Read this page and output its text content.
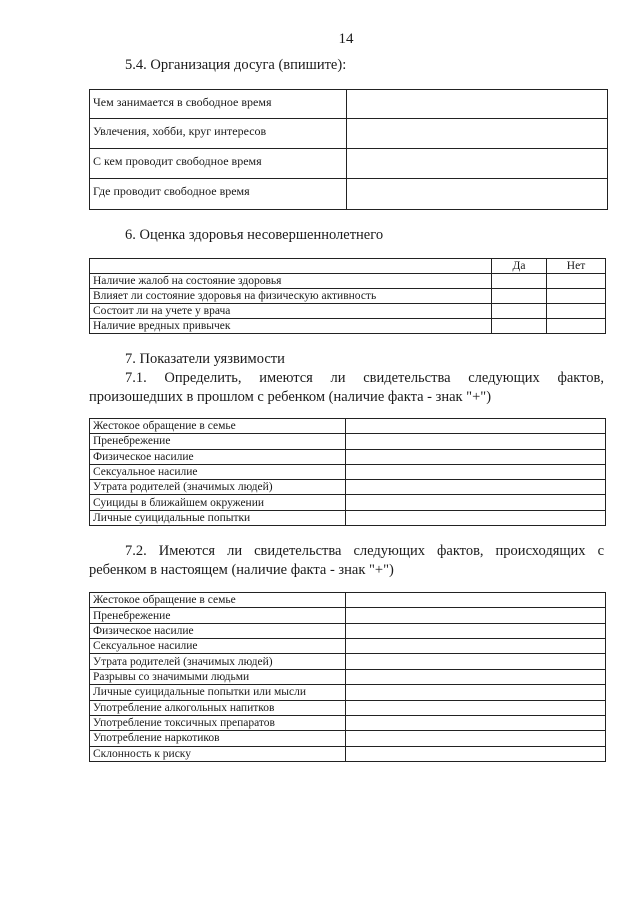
14
5.4. Организация досуга (впишите):
Чем занимается в свободное время	
Увлечения, хобби, круг интересов	
С кем проводит свободное время	
Где проводит свободное время	
6. Оценка здоровья несовершеннолетнего
	Да	Нет
Наличие жалоб на состояние здоровья		
Влияет ли состояние здоровья на физическую активность		
Состоит ли на учете у врача		
Наличие вредных привычек		
7. Показатели уязвимости
7.1. Определить, имеются ли свидетельства следующих фактов,
произошедших в прошлом с ребенком (наличие факта - знак "+")
Жестокое обращение в семье	
Пренебрежение	
Физическое насилие	
Сексуальное насилие	
Утрата родителей (значимых людей)	
Суициды в ближайшем окружении	
Личные суицидальные попытки	
7.2. Имеются ли свидетельства следующих фактов, происходящих с
ребенком в настоящем (наличие факта - знак "+")
Жестокое обращение в семье	
Пренебрежение	
Физическое насилие	
Сексуальное насилие	
Утрата родителей (значимых людей)	
Разрывы со значимыми людьми	
Личные суицидальные попытки или мысли	
Употребление алкогольных напитков	
Употребление токсичных препаратов	
Употребление наркотиков	
Склонность к риску	
